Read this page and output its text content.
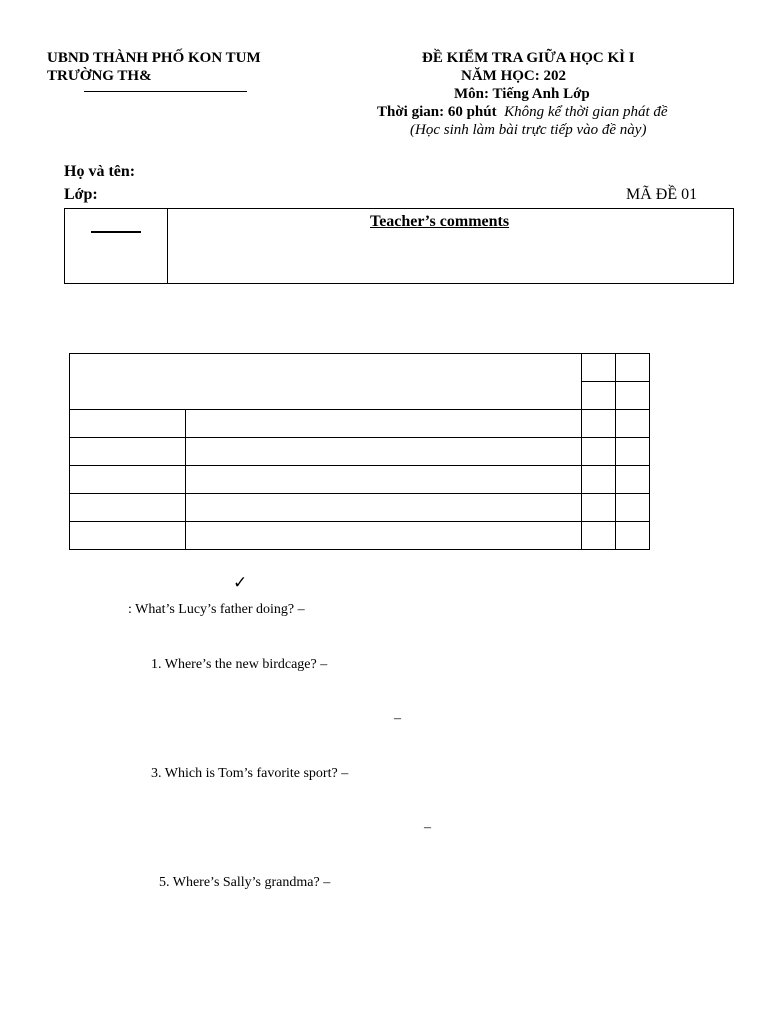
UBND THÀNH PHỐ KON TUM
TRƯỜNG TH&
ĐỀ KIỂM TRA GIỮA HỌC KÌ I
NĂM HỌC: 202
Môn: Tiếng Anh Lớp
Thời gian: 60 phút Không kể thời gian phát đề
(Học sinh làm bài trực tiếp vào đề này)
Họ và tên:
Lớp:	MÃ ĐỀ 01
Teacher’s comments

✓
: What’s Lucy’s father doing? –
1. Where’s the new birdcage? –
–
3. Which is Tom’s favorite sport? –
–
5. Where’s Sally’s grandma? –
